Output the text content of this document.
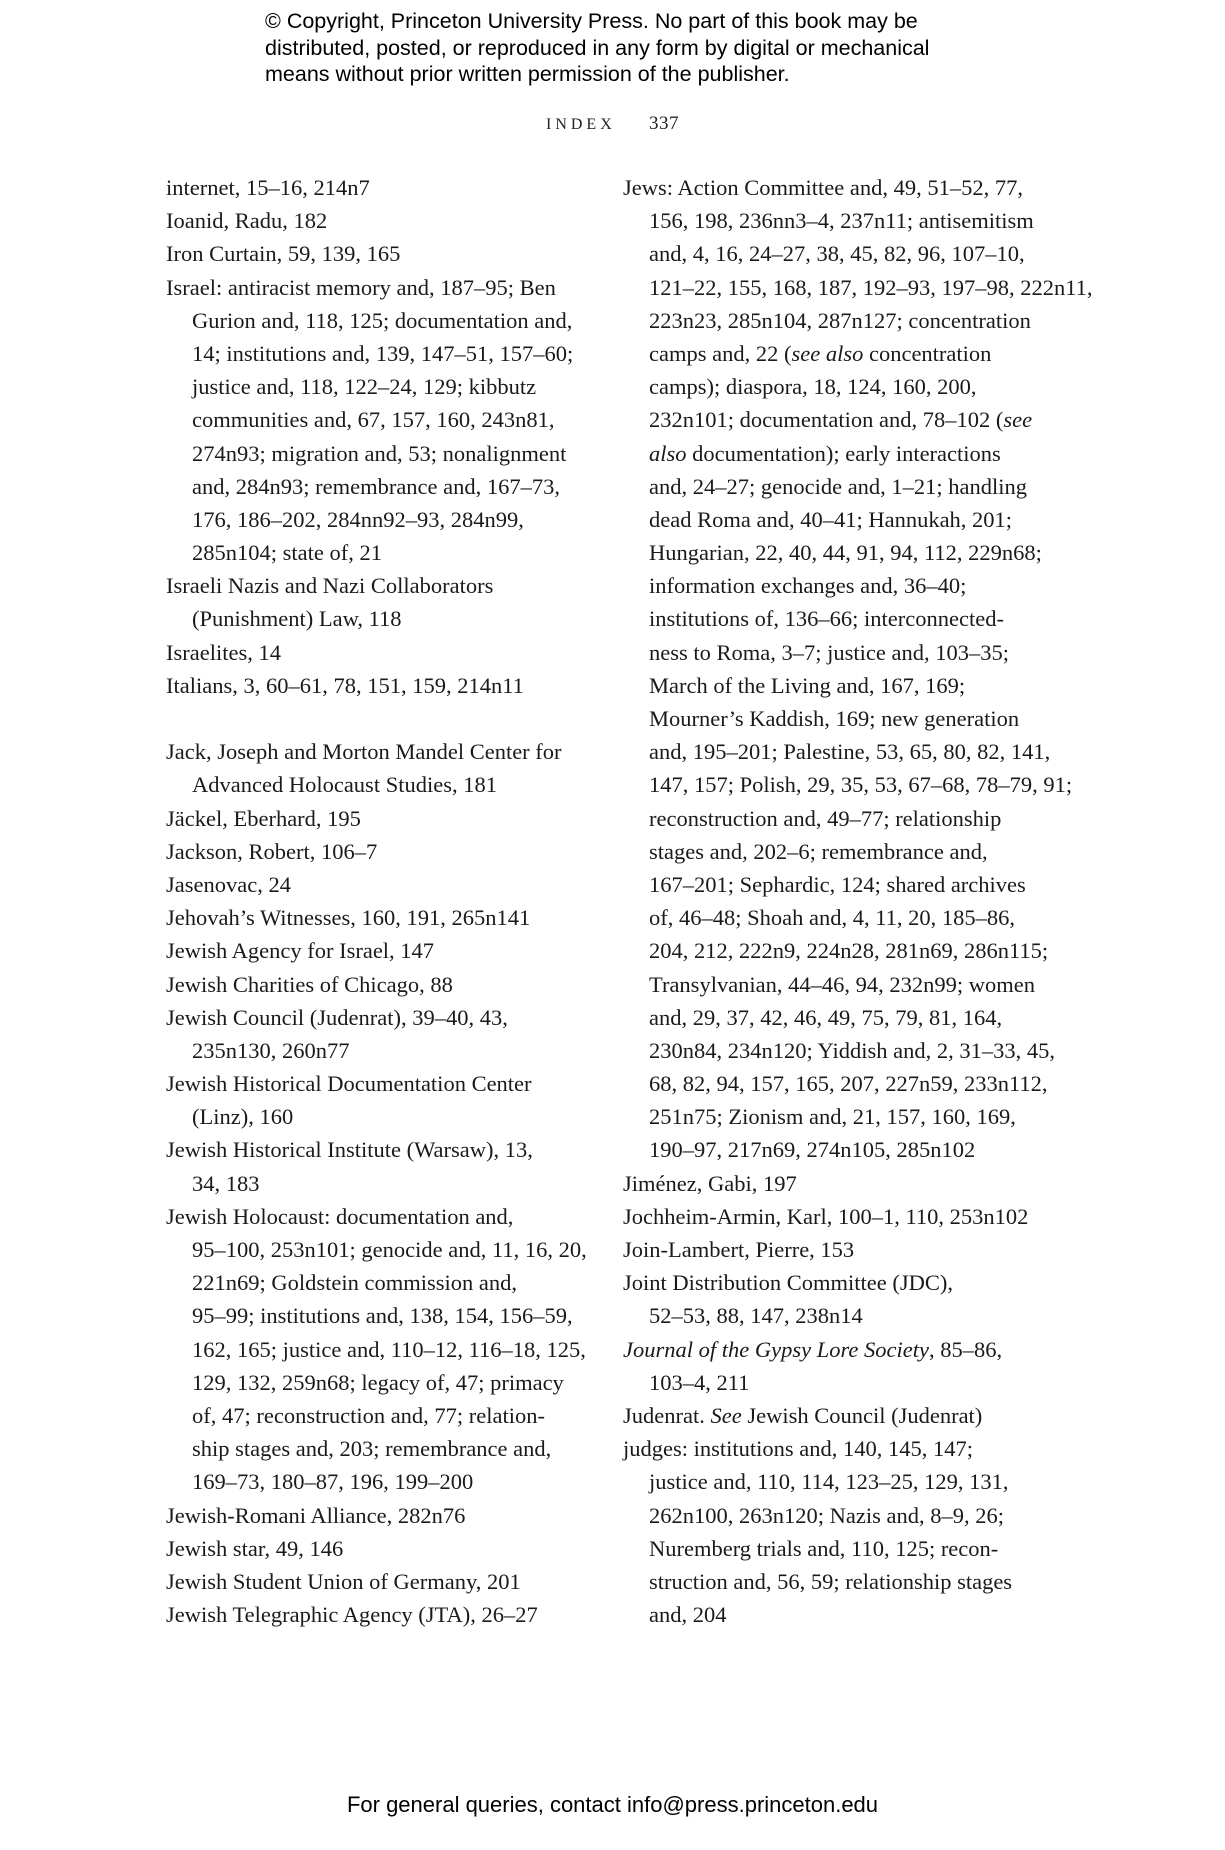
© Copyright, Princeton University Press. No part of this book may be
distributed, posted, or reproduced in any form by digital or mechanical
means without prior written permission of the publisher.
INDEX 337
internet, 15–16, 214n7
Ioanid, Radu, 182
Iron Curtain, 59, 139, 165
Israel: antiracist memory and, 187–95; Ben
Gurion and, 118, 125; documentation and,
14; institutions and, 139, 147–51, 157–60;
justice and, 118, 122–24, 129; kibbutz
communities and, 67, 157, 160, 243n81,
274n93; migration and, 53; nonalignment
and, 284n93; remembrance and, 167–73,
176, 186–202, 284nn92–93, 284n99,
285n104; state of, 21
Israeli Nazis and Nazi Collaborators
(Punishment) Law, 118
Israelites, 14
Italians, 3, 60–61, 78, 151, 159, 214n11
Jack, Joseph and Morton Mandel Center for
Advanced Holocaust Studies, 181
Jäckel, Eberhard, 195
Jackson, Robert, 106–7
Jasenovac, 24
Jehovah’s Witnesses, 160, 191, 265n141
Jewish Agency for Israel, 147
Jewish Charities of Chicago, 88
Jewish Council (Judenrat), 39–40, 43,
235n130, 260n77
Jewish Historical Documentation Center
(Linz), 160
Jewish Historical Institute (Warsaw), 13,
34, 183
Jewish Holocaust: documentation and,
95–100, 253n101; genocide and, 11, 16, 20,
221n69; Goldstein commission and,
95–99; institutions and, 138, 154, 156–59,
162, 165; justice and, 110–12, 116–18, 125,
129, 132, 259n68; legacy of, 47; primacy
of, 47; reconstruction and, 77; relation-
ship stages and, 203; remembrance and,
169–73, 180–87, 196, 199–200
Jewish-Romani Alliance, 282n76
Jewish star, 49, 146
Jewish Student Union of Germany, 201
Jewish Telegraphic Agency (JTA), 26–27
Jews: Action Committee and, 49, 51–52, 77,
156, 198, 236nn3–4, 237n11; antisemitism
and, 4, 16, 24–27, 38, 45, 82, 96, 107–10,
121–22, 155, 168, 187, 192–93, 197–98, 222n11,
223n23, 285n104, 287n127; concentration
camps and, 22 (see also concentration
camps); diaspora, 18, 124, 160, 200,
232n101; documentation and, 78–102 (see
also documentation); early interactions
and, 24–27; genocide and, 1–21; handling
dead Roma and, 40–41; Hannukah, 201;
Hungarian, 22, 40, 44, 91, 94, 112, 229n68;
information exchanges and, 36–40;
institutions of, 136–66; interconnected-
ness to Roma, 3–7; justice and, 103–35;
March of the Living and, 167, 169;
Mourner’s Kaddish, 169; new generation
and, 195–201; Palestine, 53, 65, 80, 82, 141,
147, 157; Polish, 29, 35, 53, 67–68, 78–79, 91;
reconstruction and, 49–77; relationship
stages and, 202–6; remembrance and,
167–201; Sephardic, 124; shared archives
of, 46–48; Shoah and, 4, 11, 20, 185–86,
204, 212, 222n9, 224n28, 281n69, 286n115;
Transylvanian, 44–46, 94, 232n99; women
and, 29, 37, 42, 46, 49, 75, 79, 81, 164,
230n84, 234n120; Yiddish and, 2, 31–33, 45,
68, 82, 94, 157, 165, 207, 227n59, 233n112,
251n75; Zionism and, 21, 157, 160, 169,
190–97, 217n69, 274n105, 285n102
Jiménez, Gabi, 197
Jochheim-Armin, Karl, 100–1, 110, 253n102
Join-Lambert, Pierre, 153
Joint Distribution Committee (JDC),
52–53, 88, 147, 238n14
Journal of the Gypsy Lore Society, 85–86,
103–4, 211
Judenrat. See Jewish Council (Judenrat)
judges: institutions and, 140, 145, 147;
justice and, 110, 114, 123–25, 129, 131,
262n100, 263n120; Nazis and, 8–9, 26;
Nuremberg trials and, 110, 125; recon-
struction and, 56, 59; relationship stages
and, 204
For general queries, contact info@press.princeton.edu
